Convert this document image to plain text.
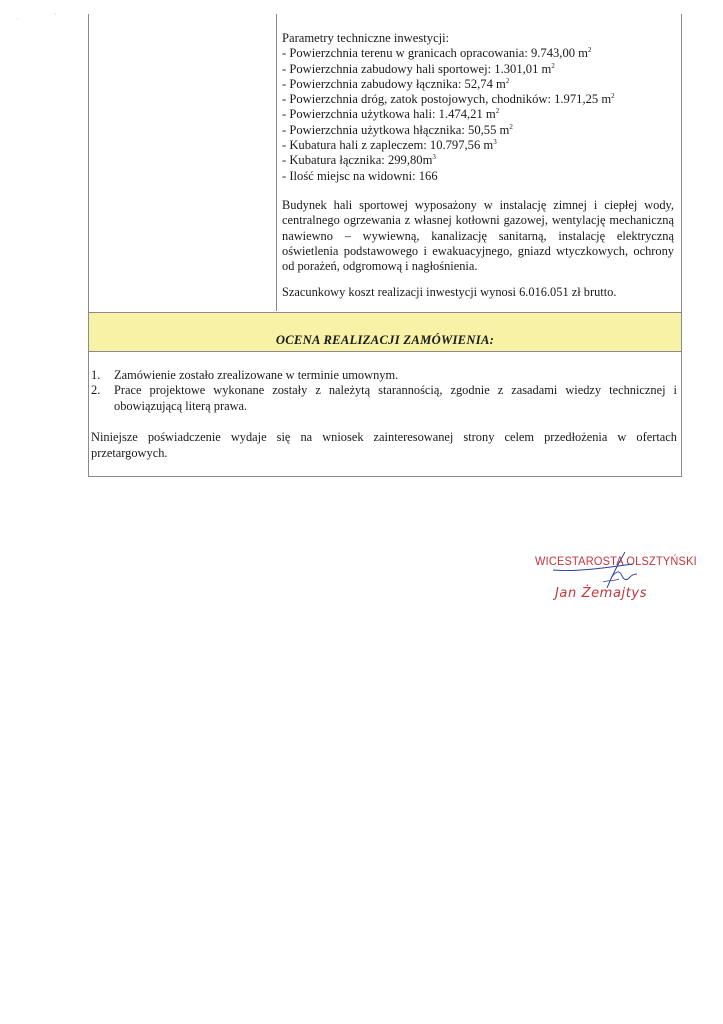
ˏ	ˊ
Parametry techniczne inwestycji:
- Powierzchnia terenu w granicach opracowania: 9.743,00 $m^2$
- Powierzchnia zabudowy hali sportowej: 1.301,01 $m^2$
- Powierzchnia zabudowy łącznika: 52,74 $m^2$
- Powierzchnia dróg, zatok postojowych, chodników: 1.971,25 $m^2$
- Powierzchnia użytkowa hali: 1.474,21 $m^2$
- Powierzchnia użytkowa hłącznika: 50,55 $m^2$
- Kubatura hali z zapleczem: 10.797,56 $m^3$
- Kubatura łącznika: $299,80m^3$
- Ilość miejsc na widowni: 166
Budynek hali sportowej wyposażony w instalację zimnej i ciepłej wody, centralnego ogrzewania z własnej kotłowni gazowej, wentylację mechaniczną nawiewno – wywiewną, kanalizację sanitarną, instalację elektryczną oświetlenia podstawowego i ewakuacyjnego, gniazd wtyczkowych, ochrony od porażeń, odgromową i nagłośnienia.
Szacunkowy koszt realizacji inwestycji wynosi 6.016.051 zł brutto.
OCENA REALIZACJI ZAMÓWIENIA:
1. Zamówienie zostało zrealizowane w terminie umownym.
2. Prace projektowe wykonane zostały z należytą starannością, zgodnie z zasadami wiedzy technicznej i obowiązującą literą prawa.
Niniejsze poświadczenie wydaje się na wniosek zainteresowanej strony celem przedłożenia w ofertach przetargowych.
WICESTAROSTA OLSZTYŃSKI
Jan Żemajtys
